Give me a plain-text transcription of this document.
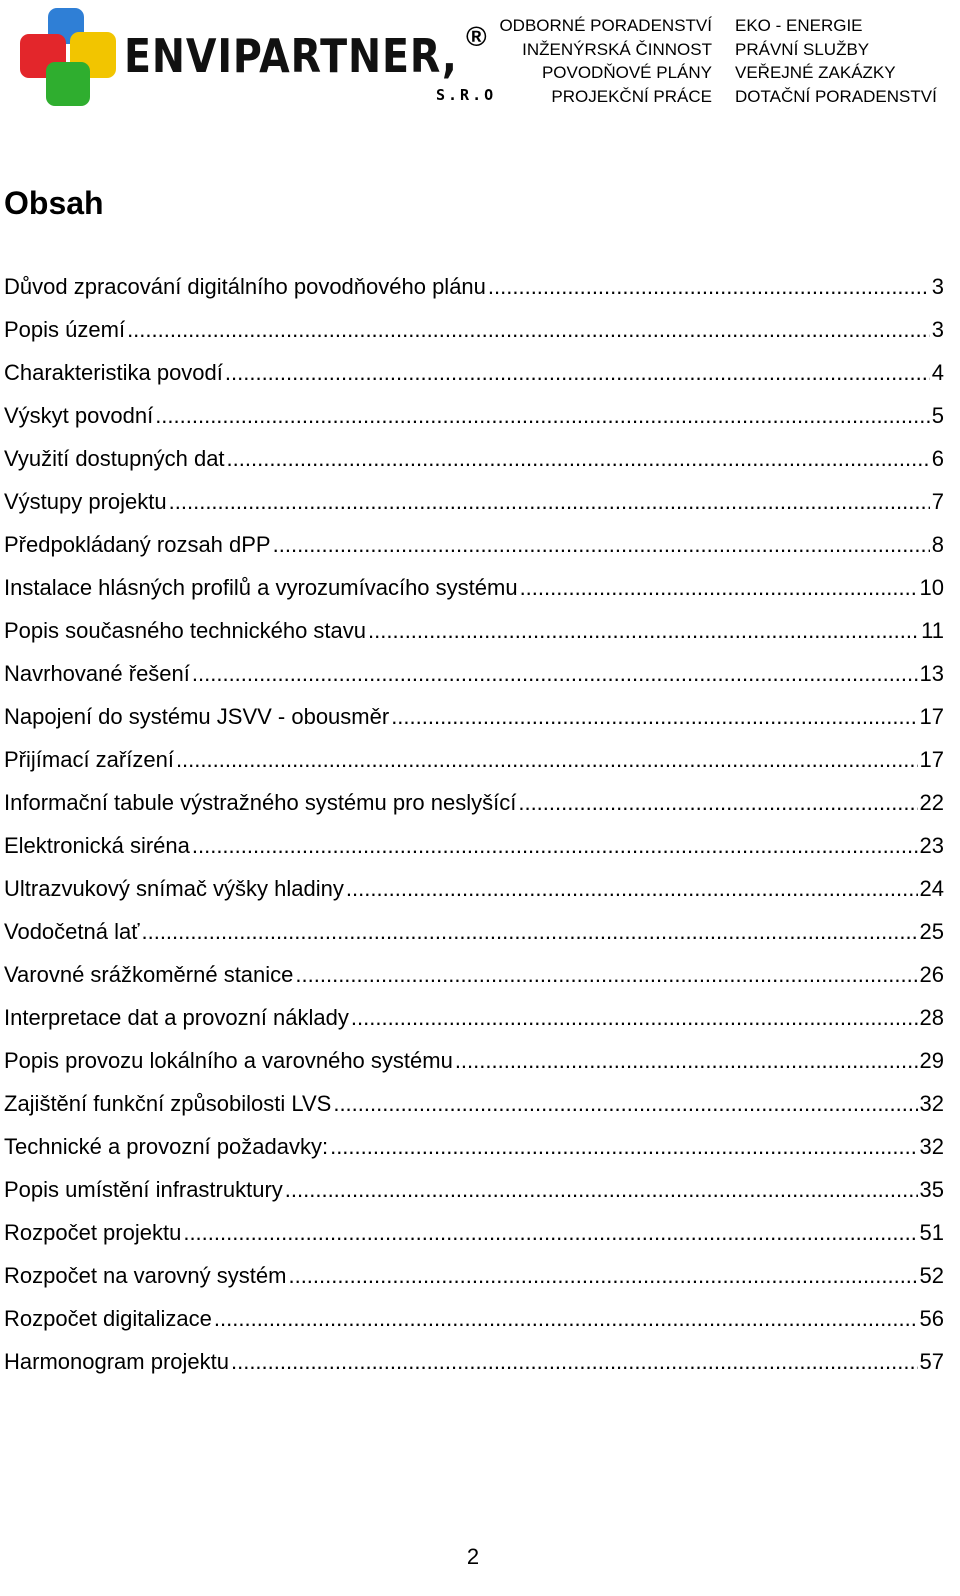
ENVIPARTNER, ®
S.R.O
ODBORNÉ PORADENSTVÍ
INŽENÝRSKÁ ČINNOST
POVODŇOVÉ PLÁNY
PROJEKČNÍ PRÁCE
EKO - ENERGIE
PRÁVNÍ SLUŽBY
VEŘEJNÉ ZAKÁZKY
DOTAČNÍ PORADENSTVÍ
Obsah
Důvod zpracování digitálního povodňového plánu .....	3
Popis území .....	3
Charakteristika povodí .....	4
Výskyt povodní .....	5
Využití dostupných dat .....	6
Výstupy projektu .....	7
Předpokládaný rozsah dPP .....	8
Instalace hlásných profilů a vyrozumívacího systému .....	10
Popis současného technického stavu .....	11
Navrhované řešení .....	13
Napojení do systému JSVV - obousměr .....	17
Přijímací zařízení .....	17
Informační tabule výstražného systému pro neslyšící .....	22
Elektronická siréna .....	23
Ultrazvukový snímač výšky hladiny .....	24
Vodočetná lať .....	25
Varovné srážkoměrné stanice .....	26
Interpretace dat a provozní náklady .....	28
Popis provozu lokálního a varovného systému .....	29
Zajištění funkční způsobilosti LVS .....	32
Technické a provozní požadavky: .....	32
Popis umístění infrastruktury .....	35
Rozpočet projektu .....	51
Rozpočet na varovný systém .....	52
Rozpočet digitalizace .....	56
Harmonogram projektu .....	57
2
